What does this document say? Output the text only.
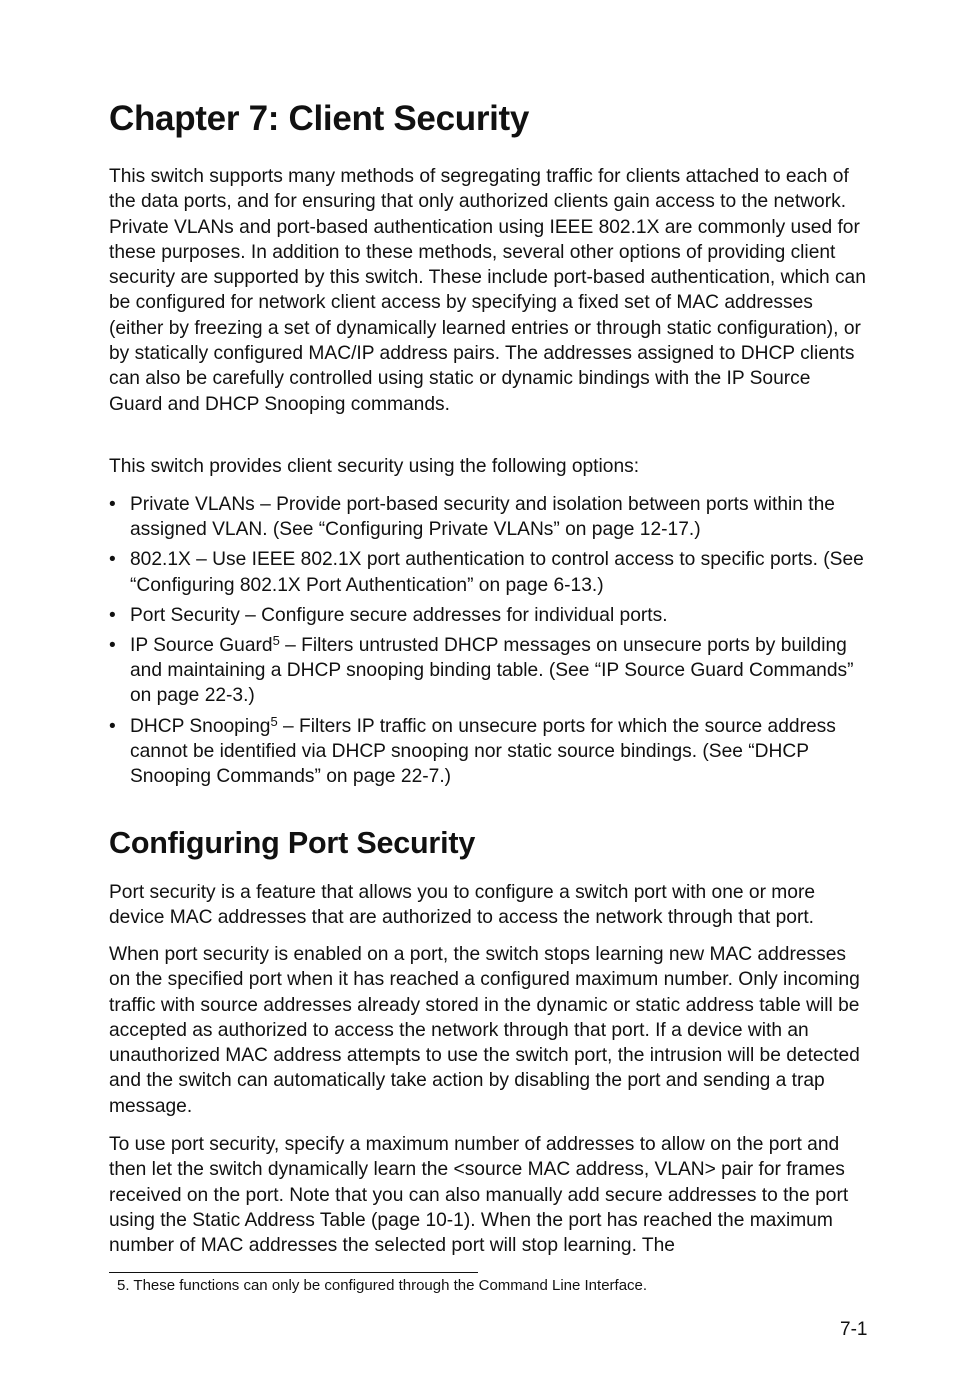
Chapter 7: Client Security

This switch supports many methods of segregating traffic for clients attached to each of the data ports, and for ensuring that only authorized clients gain access to the network. Private VLANs and port-based authentication using IEEE 802.1X are commonly used for these purposes. In addition to these methods, several other options of providing client security are supported by this switch. These include port-based authentication, which can be configured for network client access by specifying a fixed set of MAC addresses (either by freezing a set of dynamically learned entries or through static configuration), or by statically configured MAC/IP address pairs. The addresses assigned to DHCP clients can also be carefully controlled using static or dynamic bindings with the IP Source Guard and DHCP Snooping commands.

This switch provides client security using the following options:

• Private VLANs – Provide port-based security and isolation between ports within the assigned VLAN. (See “Configuring Private VLANs” on page 12-17.)
• 802.1X – Use IEEE 802.1X port authentication to control access to specific ports. (See “Configuring 802.1X Port Authentication” on page 6-13.)
• Port Security – Configure secure addresses for individual ports.
• IP Source Guard$^5$ – Filters untrusted DHCP messages on unsecure ports by building and maintaining a DHCP snooping binding table. (See “IP Source Guard Commands” on page 22-3.)
• DHCP Snooping$^5$ – Filters IP traffic on unsecure ports for which the source address cannot be identified via DHCP snooping nor static source bindings. (See “DHCP Snooping Commands” on page 22-7.)
Configuring Port Security

Port security is a feature that allows you to configure a switch port with one or more device MAC addresses that are authorized to access the network through that port.

When port security is enabled on a port, the switch stops learning new MAC addresses on the specified port when it has reached a configured maximum number. Only incoming traffic with source addresses already stored in the dynamic or static address table will be accepted as authorized to access the network through that port. If a device with an unauthorized MAC address attempts to use the switch port, the intrusion will be detected and the switch can automatically take action by disabling the port and sending a trap message.

To use port security, specify a maximum number of addresses to allow on the port and then let the switch dynamically learn the <source MAC address, VLAN> pair for frames received on the port. Note that you can also manually add secure addresses to the port using the Static Address Table (page 10-1). When the port has reached the maximum number of MAC addresses the selected port will stop learning. The

5. These functions can only be configured through the Command Line Interface.
7-1
